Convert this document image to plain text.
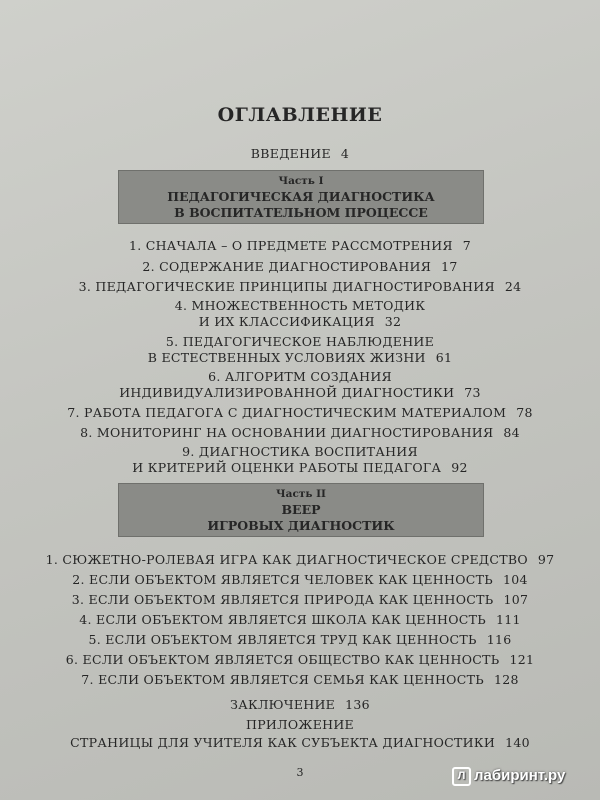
ОГЛАВЛЕНИЕ
ВВЕДЕНИЕ 4
Часть I
ПЕДАГОГИЧЕСКАЯ ДИАГНОСТИКА
В ВОСПИТАТЕЛЬНОМ ПРОЦЕССЕ
1. СНАЧАЛА – О ПРЕДМЕТЕ РАССМОТРЕНИЯ 7
2. СОДЕРЖАНИЕ ДИАГНОСТИРОВАНИЯ 17
3. ПЕДАГОГИЧЕСКИЕ ПРИНЦИПЫ ДИАГНОСТИРОВАНИЯ 24
4. МНОЖЕСТВЕННОСТЬ МЕТОДИК
И ИХ КЛАССИФИКАЦИЯ 32
5. ПЕДАГОГИЧЕСКОЕ НАБЛЮДЕНИЕ
В ЕСТЕСТВЕННЫХ УСЛОВИЯХ ЖИЗНИ 61
6. АЛГОРИТМ СОЗДАНИЯ
ИНДИВИДУАЛИЗИРОВАННОЙ ДИАГНОСТИКИ 73
7. РАБОТА ПЕДАГОГА С ДИАГНОСТИЧЕСКИМ МАТЕРИАЛОМ 78
8. МОНИТОРИНГ НА ОСНОВАНИИ ДИАГНОСТИРОВАНИЯ 84
9. ДИАГНОСТИКА ВОСПИТАНИЯ
И КРИТЕРИЙ ОЦЕНКИ РАБОТЫ ПЕДАГОГА 92
Часть II
ВЕЕР
ИГРОВЫХ ДИАГНОСТИК
1. СЮЖЕТНО-РОЛЕВАЯ ИГРА КАК ДИАГНОСТИЧЕСКОЕ СРЕДСТВО 97
2. ЕСЛИ ОБЪЕКТОМ ЯВЛЯЕТСЯ ЧЕЛОВЕК КАК ЦЕННОСТЬ 104
3. ЕСЛИ ОБЪЕКТОМ ЯВЛЯЕТСЯ ПРИРОДА КАК ЦЕННОСТЬ 107
4. ЕСЛИ ОБЪЕКТОМ ЯВЛЯЕТСЯ ШКОЛА КАК ЦЕННОСТЬ 111
5. ЕСЛИ ОБЪЕКТОМ ЯВЛЯЕТСЯ ТРУД КАК ЦЕННОСТЬ 116
6. ЕСЛИ ОБЪЕКТОМ ЯВЛЯЕТСЯ ОБЩЕСТВО КАК ЦЕННОСТЬ 121
7. ЕСЛИ ОБЪЕКТОМ ЯВЛЯЕТСЯ СЕМЬЯ КАК ЦЕННОСТЬ 128
ЗАКЛЮЧЕНИЕ 136
ПРИЛОЖЕНИЕ
СТРАНИЦЫ ДЛЯ УЧИТЕЛЯ КАК СУБЪЕКТА ДИАГНОСТИКИ 140
3	Л лабиринт.ру
